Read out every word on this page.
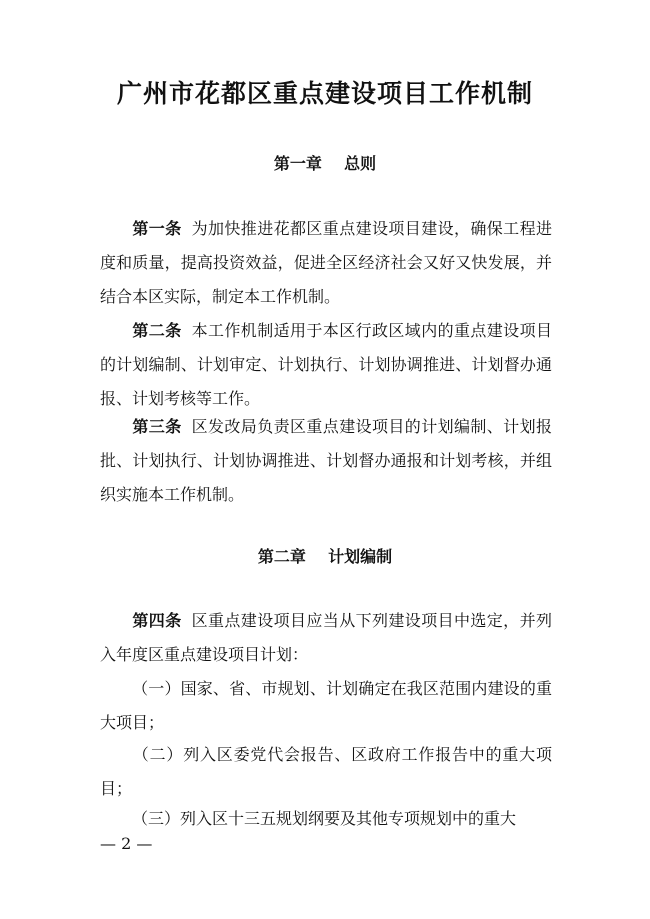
广州市花都区重点建设项目工作机制
第一章    总则

第一条 为加快推进花都区重点建设项目建设，确保工程进度和质量，提高投资效益，促进全区经济社会又好又快发展，并结合本区实际，制定本工作机制。

第二条 本工作机制适用于本区行政区域内的重点建设项目的计划编制、计划审定、计划执行、计划协调推进、计划督办通报、计划考核等工作。

第三条 区发改局负责区重点建设项目的计划编制、计划报批、计划执行、计划协调推进、计划督办通报和计划考核，并组织实施本工作机制。

第二章    计划编制

第四条 区重点建设项目应当从下列建设项目中选定，并列入年度区重点建设项目计划：

（一）国家、省、市规划、计划确定在我区范围内建设的重大项目；

（二）列入区委党代会报告、区政府工作报告中的重大项目；

（三）列入区十三五规划纲要及其他专项规划中的重大

— 2 —
